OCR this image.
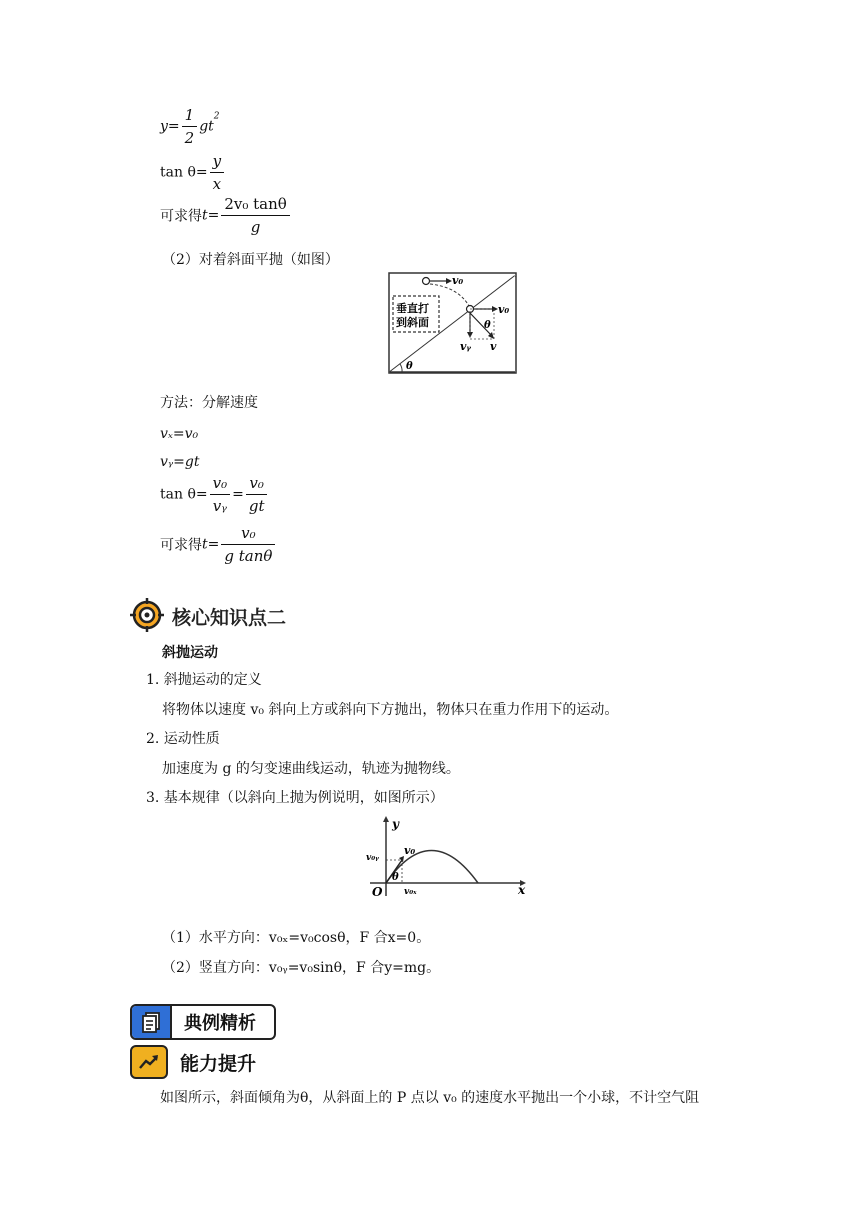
$y= \frac{1}{2} gt^2$
$\tan \theta= \frac{y}{x}$
可求得$t= \frac{\text{2v₀ tanθ}}{g}$
（2）对着斜面平抛（如图）
v₀
垂直打
到斜面
v₀
θ
vᵧ v
θ
方法：分解速度
vₓ=v₀
vᵧ=gt
$\tan \theta= \frac{\text{v₀}}{\text{vᵧ}} = \frac{\text{v₀}}{gt}$
可求得$t= \frac{\text{v₀}}{\text{g tanθ}}$
核心知识点二
斜抛运动
1. 斜抛运动的定义
将物体以速度 v₀ 斜向上方或斜向下方抛出，物体只在重力作用下的运动。
2. 运动性质
加速度为 g 的匀变速曲线运动，轨迹为抛物线。
3. 基本规律（以斜向上抛为例说明，如图所示）
y
x
O
v₀ᵧ
v₀
θ
v₀ₓ
（1）水平方向：v₀ₓ=v₀cosθ，F 合x=0。
（2）竖直方向：v₀ᵧ=v₀sinθ，F 合y=mg。
典例精析
能力提升
如图所示，斜面倾角为θ，从斜面上的 P 点以 v₀ 的速度水平抛出一个小球，不计空气阻
